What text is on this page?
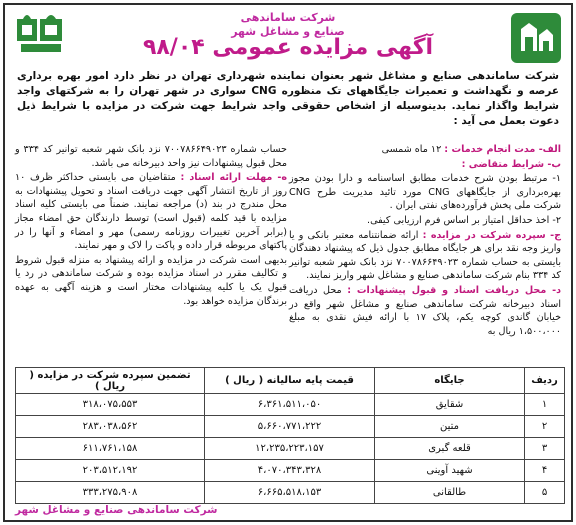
شرکت ساماندهی
صنایع و مشاغل شهر
آگهی مزایده عمومی ۹۸/۰۴
شرکت ساماندهی صنایع و مشاغل شهر بعنوان نماینده شهرداری تهران در نظر دارد امور بهره برداری عرصه و نگهداشت و تعمیرات جایگاههای تک منظوره CNG سواری در شهر تهران را به شرکتهای واجد شرایط واگذار نماید. بدینوسیله از اشخاص حقوقی واجد شرایط جهت شرکت در مزایده با شرایط ذیل دعوت بعمل می آید :
الف- مدت انجام خدمات : ۱۲ ماه شمسی
ب- شرایط متقاضی :
۱- مرتبط بودن شرح خدمات مطابق اساسنامه و دارا بودن مجوز بهره‌برداری از جایگاههای CNG مورد تائید مدیریت طرح CNG شرکت ملی پخش فرآورده‌های نفتی ایران .
۲- اخذ حداقل امتیاز بر اساس فرم ارزیابی کیفی.
ج- سپرده شرکت در مزایده : ارائه ضمانتنامه معتبر بانکی و یا واریز وجه نقد برای هر جایگاه مطابق جدول ذیل که پیشنهاد دهندگان بایستی به حساب شماره ۷۰۰۷۸۶۶۴۹۰۲۳ نزد بانک شهر شعبه توانیر کد ۳۳۴ بنام شرکت ساماندهی صنایع و مشاغل شهر واریز نمایند.
د- محل دریافت اسناد و قبول پیشنهادات : محل دریافت اسناد دبیرخانه شرکت ساماندهی صنایع و مشاغل شهر واقع در خیابان گاندی کوچه یکم، پلاک ۱۷ با ارائه فیش نقدی به مبلغ ۱،۵۰۰،۰۰۰ ریال به
حساب شماره ۷۰۰۷۸۶۶۴۹۰۲۳ نزد بانک شهر شعبه توانیر کد ۳۳۴ و محل قبول پیشنهادات نیز واحد دبیرخانه می باشد.
ه- مهلت ارائه اسناد : متقاضیان می بایستی حداکثر ظرف ۱۰ روز از تاریخ انتشار آگهی جهت دریافت اسناد و تحویل پیشنهادات به محل مندرج در بند (د) مراجعه نمایند. ضمناً می بایستی کلیه اسناد مزایده با قید کلمه (قبول است) توسط دارندگان حق امضاء مجاز (برابر آخرین تغییرات روزنامه رسمی) مهر و امضاء و آنها را در پاکتهای مربوطه قرار داده و پاکت را لاک و مهر نمایند.
بدیهی است شرکت در مزایده و ارائه پیشنهاد به منزله قبول شروط و تکالیف مقرر در اسناد مزایده بوده و شرکت ساماندهی در رد یا قبول یک یا کلیه پیشنهادات مختار است و هزینه آگهی به عهده برندگان مزایده خواهد بود.
ردیف	جایگاه	قیمت پایه سالیانه ( ریال )	تضمین سپرده شرکت در مزایده ( ریال )
۱	شقایق	۶،۳۶۱،۵۱۱،۰۵۰	۳۱۸،۰۷۵،۵۵۳
۲	متین	۵،۶۶۰،۷۷۱،۲۲۲	۲۸۳،۰۳۸،۵۶۲
۳	قلعه گبری	۱۲،۲۳۵،۲۲۳،۱۵۷	۶۱۱،۷۶۱،۱۵۸
۴	شهید آوینی	۴،۰۷۰،۳۴۳،۳۲۸	۲۰۳،۵۱۲،۱۹۲
۵	طالقانی	۶،۶۶۵،۵۱۸،۱۵۳	۳۳۳،۲۷۵،۹۰۸
شرکت ساماندهی صنایع و مشاغل شهر
